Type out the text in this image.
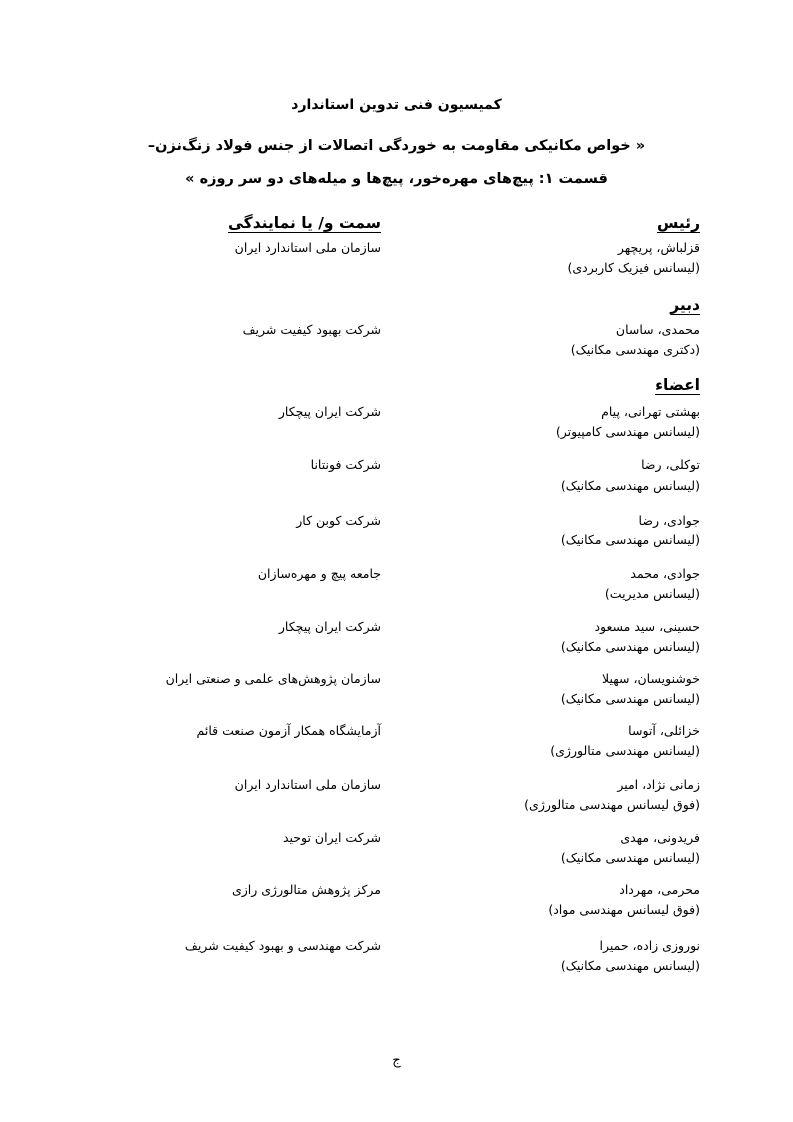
کمیسیون فنی تدوین استاندارد
« خواص مکانیکی مقاومت به خوردگی اتصالات از جنس فولاد زنگ‌نزن–
قسمت ۱: پیچ‌های مهره‌خور، پیچ‌ها و میله‌های دو سر روزه »
رئیس
سمت و/ یا نمایندگی
قزلباش، پریچهر
(لیسانس فیزیک کاربردی)
سازمان ملی استاندارد ایران
دبیر
محمدی، ساسان
(دکتری مهندسی مکانیک)
شرکت بهبود کیفیت شریف
اعضاء
بهشتی تهرانی، پیام
(لیسانس مهندسی کامپیوتر)
شرکت ایران پیچکار
توکلی، رضا
(لیسانس مهندسی مکانیک)
شرکت فونتانا
جوادی، رضا
(لیسانس مهندسی مکانیک)
شرکت کوبن کار
جوادی، محمد
(لیسانس مدیریت)
جامعه پیچ و مهره‌سازان
حسینی، سید مسعود
(لیسانس مهندسی مکانیک)
شرکت ایران پیچکار
خوشنویسان، سهیلا
(لیسانس مهندسی مکانیک)
سازمان پژوهش‌های علمی و صنعتی ایران
خزائلی، آتوسا
(لیسانس مهندسی متالورژی)
آزمایشگاه همکار آزمون صنعت قائم
زمانی نژاد، امیر
(فوق لیسانس مهندسی متالورژی)
سازمان ملی استاندارد ایران
فریدونی، مهدی
(لیسانس مهندسی مکانیک)
شرکت ایران توحید
محرمی، مهرداد
(فوق لیسانس مهندسی مواد)
مرکز پژوهش متالورژی رازی
نوروزی زاده، حمیرا
(لیسانس مهندسی مکانیک)
شرکت مهندسی و بهبود کیفیت شریف
ج
